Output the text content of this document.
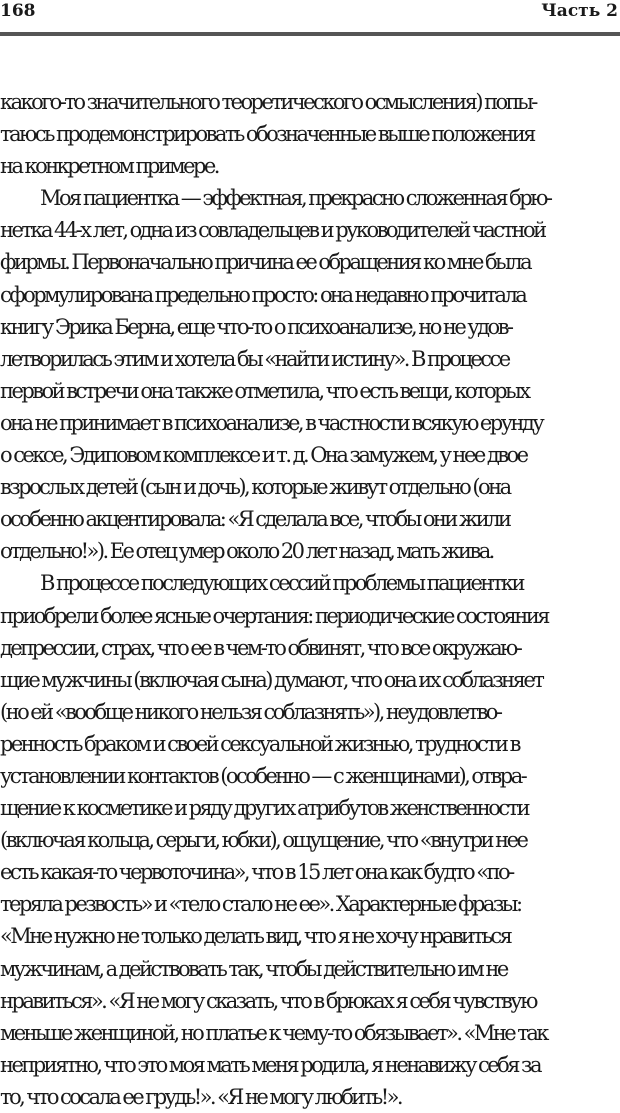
168	Часть 2
какого-то значительного теоретического осмысления) попы-
таюсь продемонстрировать обозначенные выше положения
на конкретном примере.
Моя пациентка — эффектная, прекрасно сложенная брю-
нетка 44-х лет, одна из совладельцев и руководителей частной
фирмы. Первоначально причина ее обращения ко мне была
сформулирована предельно просто: она недавно прочитала
книгу Эрика Берна, еще что-то о психоанализе, но не удов-
летворилась этим и хотела бы «найти истину». В процессе
первой встречи она также отметила, что есть вещи, которых
она не принимает в психоанализе, в частности всякую ерунду
о сексе, Эдиповом комплексе и т. д. Она замужем, у нее двое
взрослых детей (сын и дочь), которые живут отдельно (она
особенно акцентировала: «Я сделала все, чтобы они жили
отдельно!»). Ее отец умер около 20 лет назад, мать жива.
В процессе последующих сессий проблемы пациентки
приобрели более ясные очертания: периодические состояния
депрессии, страх, что ее в чем-то обвинят, что все окружаю-
щие мужчины (включая сына) думают, что она их соблазняет
(но ей «вообще никого нельзя соблазнять»), неудовлетво-
ренность браком и своей сексуальной жизнью, трудности в
установлении контактов (особенно — с женщинами), отвра-
щение к косметике и ряду других атрибутов женственности
(включая кольца, серьги, юбки), ощущение, что «внутри нее
есть какая-то червоточина», что в 15 лет она как будто «по-
теряла резвость» и «тело стало не ее». Характерные фразы:
«Мне нужно не только делать вид, что я не хочу нравиться
мужчинам, а действовать так, чтобы действительно им не
нравиться». «Я не могу сказать, что в брюках я себя чувствую
меньше женщиной, но платье к чему-то обязывает». «Мне так
неприятно, что это моя мать меня родила, я ненавижу себя за
то, что сосала ее грудь!». «Я не могу любить!».
